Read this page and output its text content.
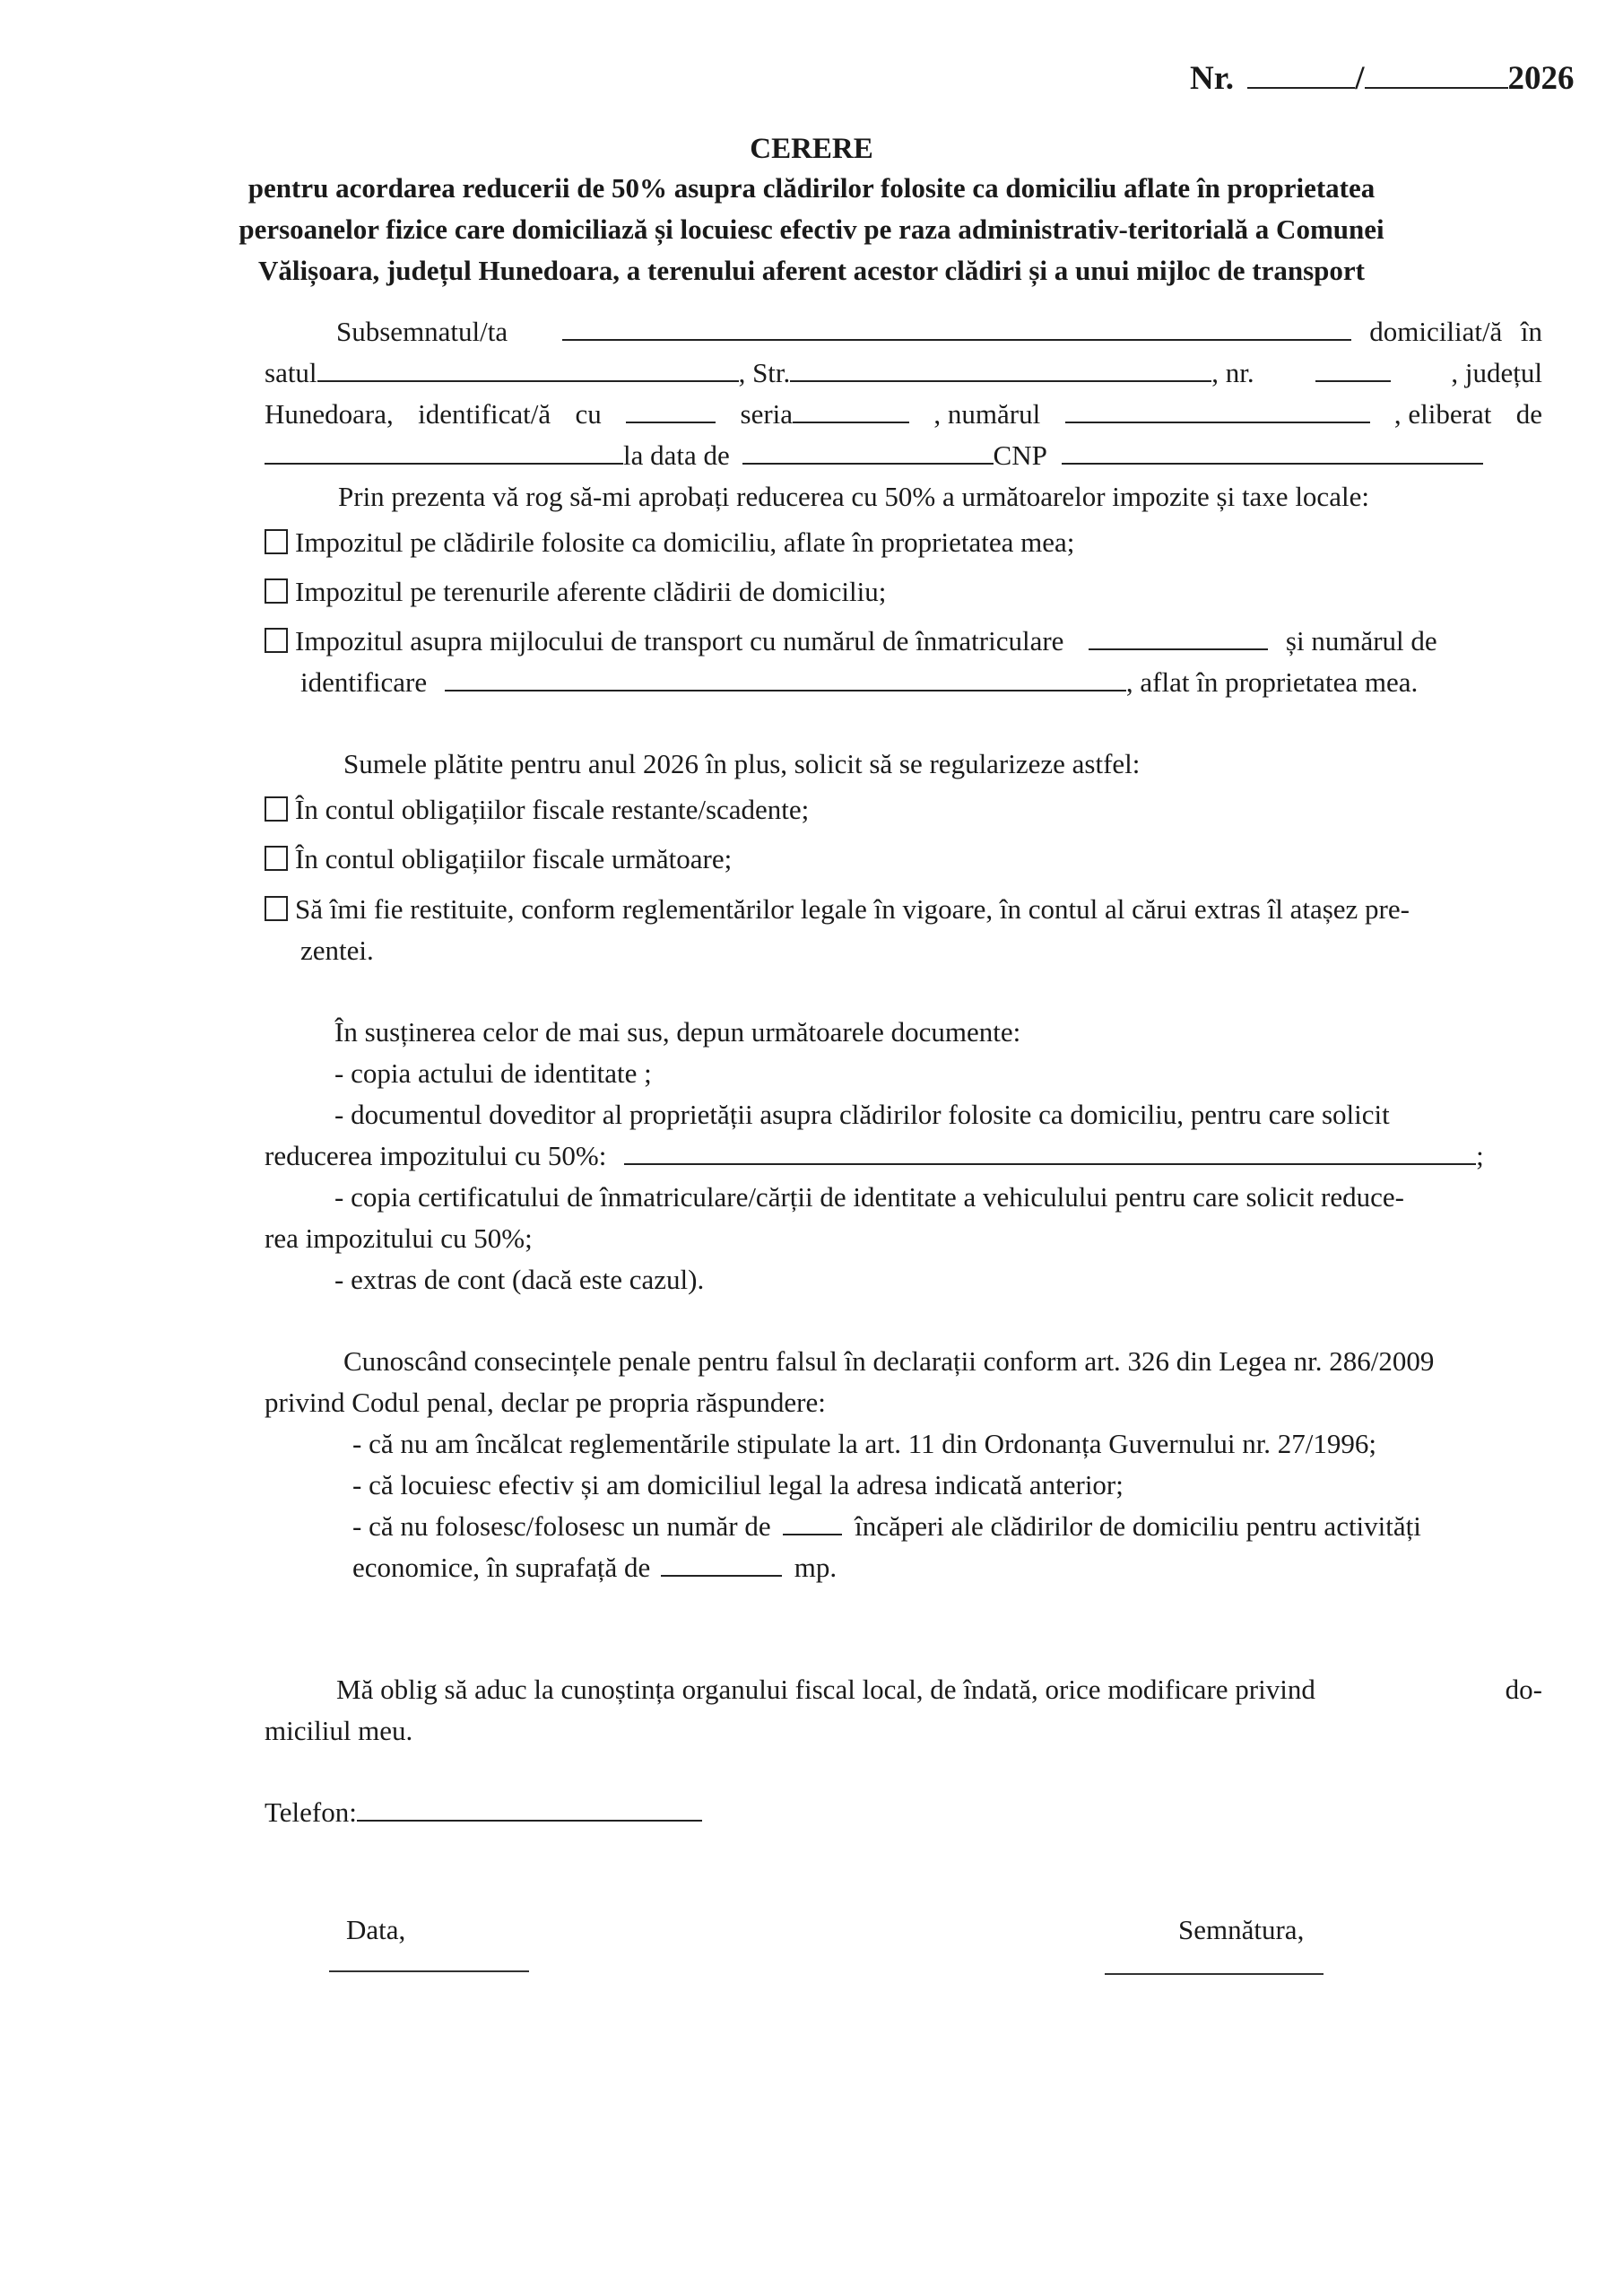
Nr.	/	2026
CERERE
pentru acordarea reducerii de 50% asupra clădirilor folosite ca domiciliu aflate în proprietatea
persoanelor fizice care domiciliază și locuiesc efectiv pe raza administrativ-teritorială a Comunei
Vălișoara, județul Hunedoara, a terenului aferent acestor clădiri și a unui mijloc de transport
Subsemnatul/ta	domiciliat/ă în
satul	, Str.	, nr.	, județul
Hunedoara, identificat/ă cu	seria	, numărul	, eliberat de
la data de	CNP
Prin prezenta vă rog să-mi aprobați reducerea cu 50% a următoarelor impozite și taxe locale:
Impozitul pe clădirile folosite ca domiciliu, aflate în proprietatea mea;
Impozitul pe terenurile aferente clădirii de domiciliu;
Impozitul asupra mijlocului de transport cu numărul de înmatriculare	și numărul de
identificare	, aflat în proprietatea mea.
Sumele plătite pentru anul 2026 în plus, solicit să se regularizeze astfel:
În contul obligațiilor fiscale restante/scadente;
În contul obligațiilor fiscale următoare;
Să îmi fie restituite, conform reglementărilor legale în vigoare, în contul al cărui extras îl atașez pre-
zentei.
În susținerea celor de mai sus, depun următoarele documente:
- copia actului de identitate ;
- documentul doveditor al proprietății asupra clădirilor folosite ca domiciliu, pentru care solicit
reducerea impozitului cu 50%:	;
- copia certificatului de înmatriculare/cărții de identitate a vehiculului pentru care solicit reduce-
rea impozitului cu 50%;
- extras de cont (dacă este cazul).
Cunoscând consecințele penale pentru falsul în declarații conform art. 326 din Legea nr. 286/2009
privind Codul penal, declar pe propria răspundere:
- că nu am încălcat reglementările stipulate la art. 11 din Ordonanța Guvernului nr. 27/1996;
- că locuiesc efectiv și am domiciliul legal la adresa indicată anterior;
- că nu folosesc/folosesc un număr de	încăperi ale clădirilor de domiciliu pentru activități
economice, în suprafață de	mp.
Mă oblig să aduc la cunoștința organului fiscal local, de îndată, orice modificare privind	do-
miciliul meu.
Telefon:
Data,	Semnătura,
